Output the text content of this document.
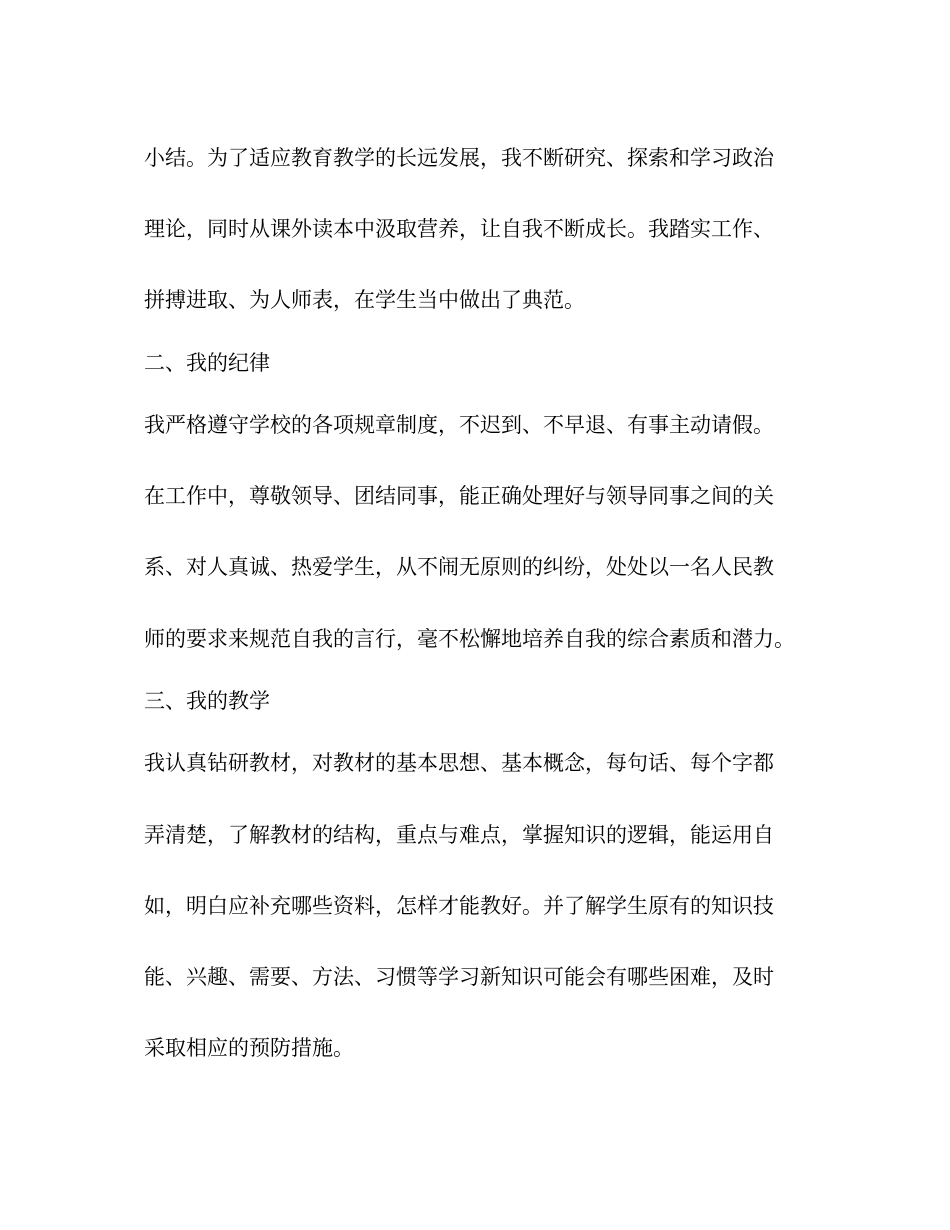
小结。为了适应教育教学的长远发展，我不断研究、探索和学习政治
理论，同时从课外读本中汲取营养，让自我不断成长。我踏实工作、
拼搏进取、为人师表，在学生当中做出了典范。
二、我的纪律
我严格遵守学校的各项规章制度，不迟到、不早退、有事主动请假。
在工作中，尊敬领导、团结同事，能正确处理好与领导同事之间的关
系、对人真诚、热爱学生，从不闹无原则的纠纷，处处以一名人民教
师的要求来规范自我的言行，毫不松懈地培养自我的综合素质和潜力。
三、我的教学
我认真钻研教材，对教材的基本思想、基本概念，每句话、每个字都
弄清楚，了解教材的结构，重点与难点，掌握知识的逻辑，能运用自
如，明白应补充哪些资料，怎样才能教好。并了解学生原有的知识技
能、兴趣、需要、方法、习惯等学习新知识可能会有哪些困难，及时
采取相应的预防措施。
